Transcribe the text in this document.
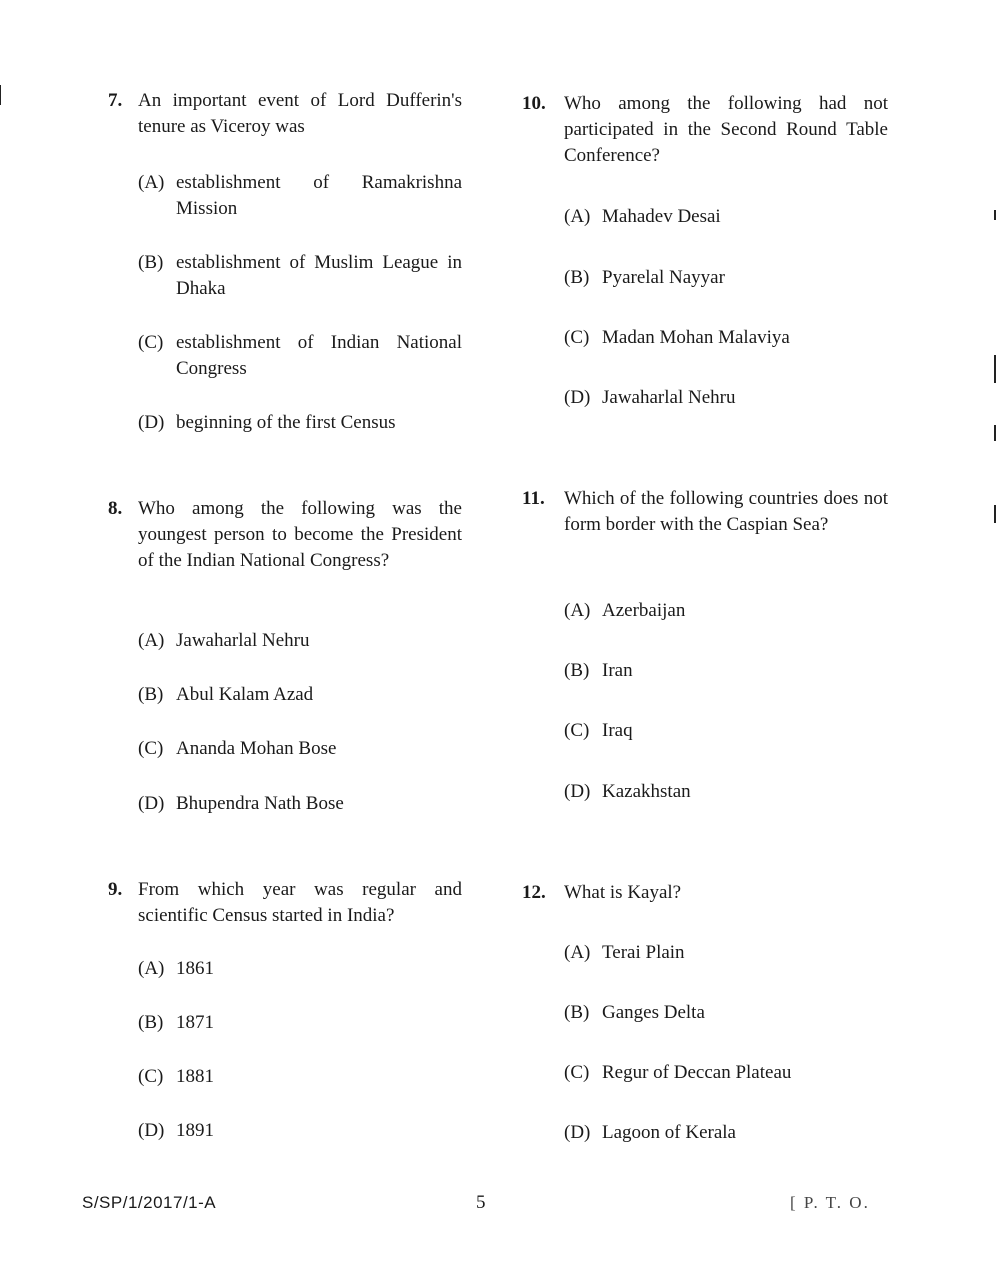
7. An important event of Lord Dufferin's tenure as Viceroy was
(A) establishment of Ramakrishna Mission
(B) establishment of Muslim League in Dhaka
(C) establishment of Indian National Congress
(D) beginning of the first Census
8. Who among the following was the youngest person to become the President of the Indian National Congress?
(A) Jawaharlal Nehru
(B) Abul Kalam Azad
(C) Ananda Mohan Bose
(D) Bhupendra Nath Bose
9. From which year was regular and scientific Census started in India?
(A) 1861
(B) 1871
(C) 1881
(D) 1891
10. Who among the following had not participated in the Second Round Table Conference?
(A) Mahadev Desai
(B) Pyarelal Nayyar
(C) Madan Mohan Malaviya
(D) Jawaharlal Nehru
11. Which of the following countries does not form border with the Caspian Sea?
(A) Azerbaijan
(B) Iran
(C) Iraq
(D) Kazakhstan
12. What is Kayal?
(A) Terai Plain
(B) Ganges Delta
(C) Regur of Deccan Plateau
(D) Lagoon of Kerala
S/SP/1/2017/1-A	5	[ P. T. O.
